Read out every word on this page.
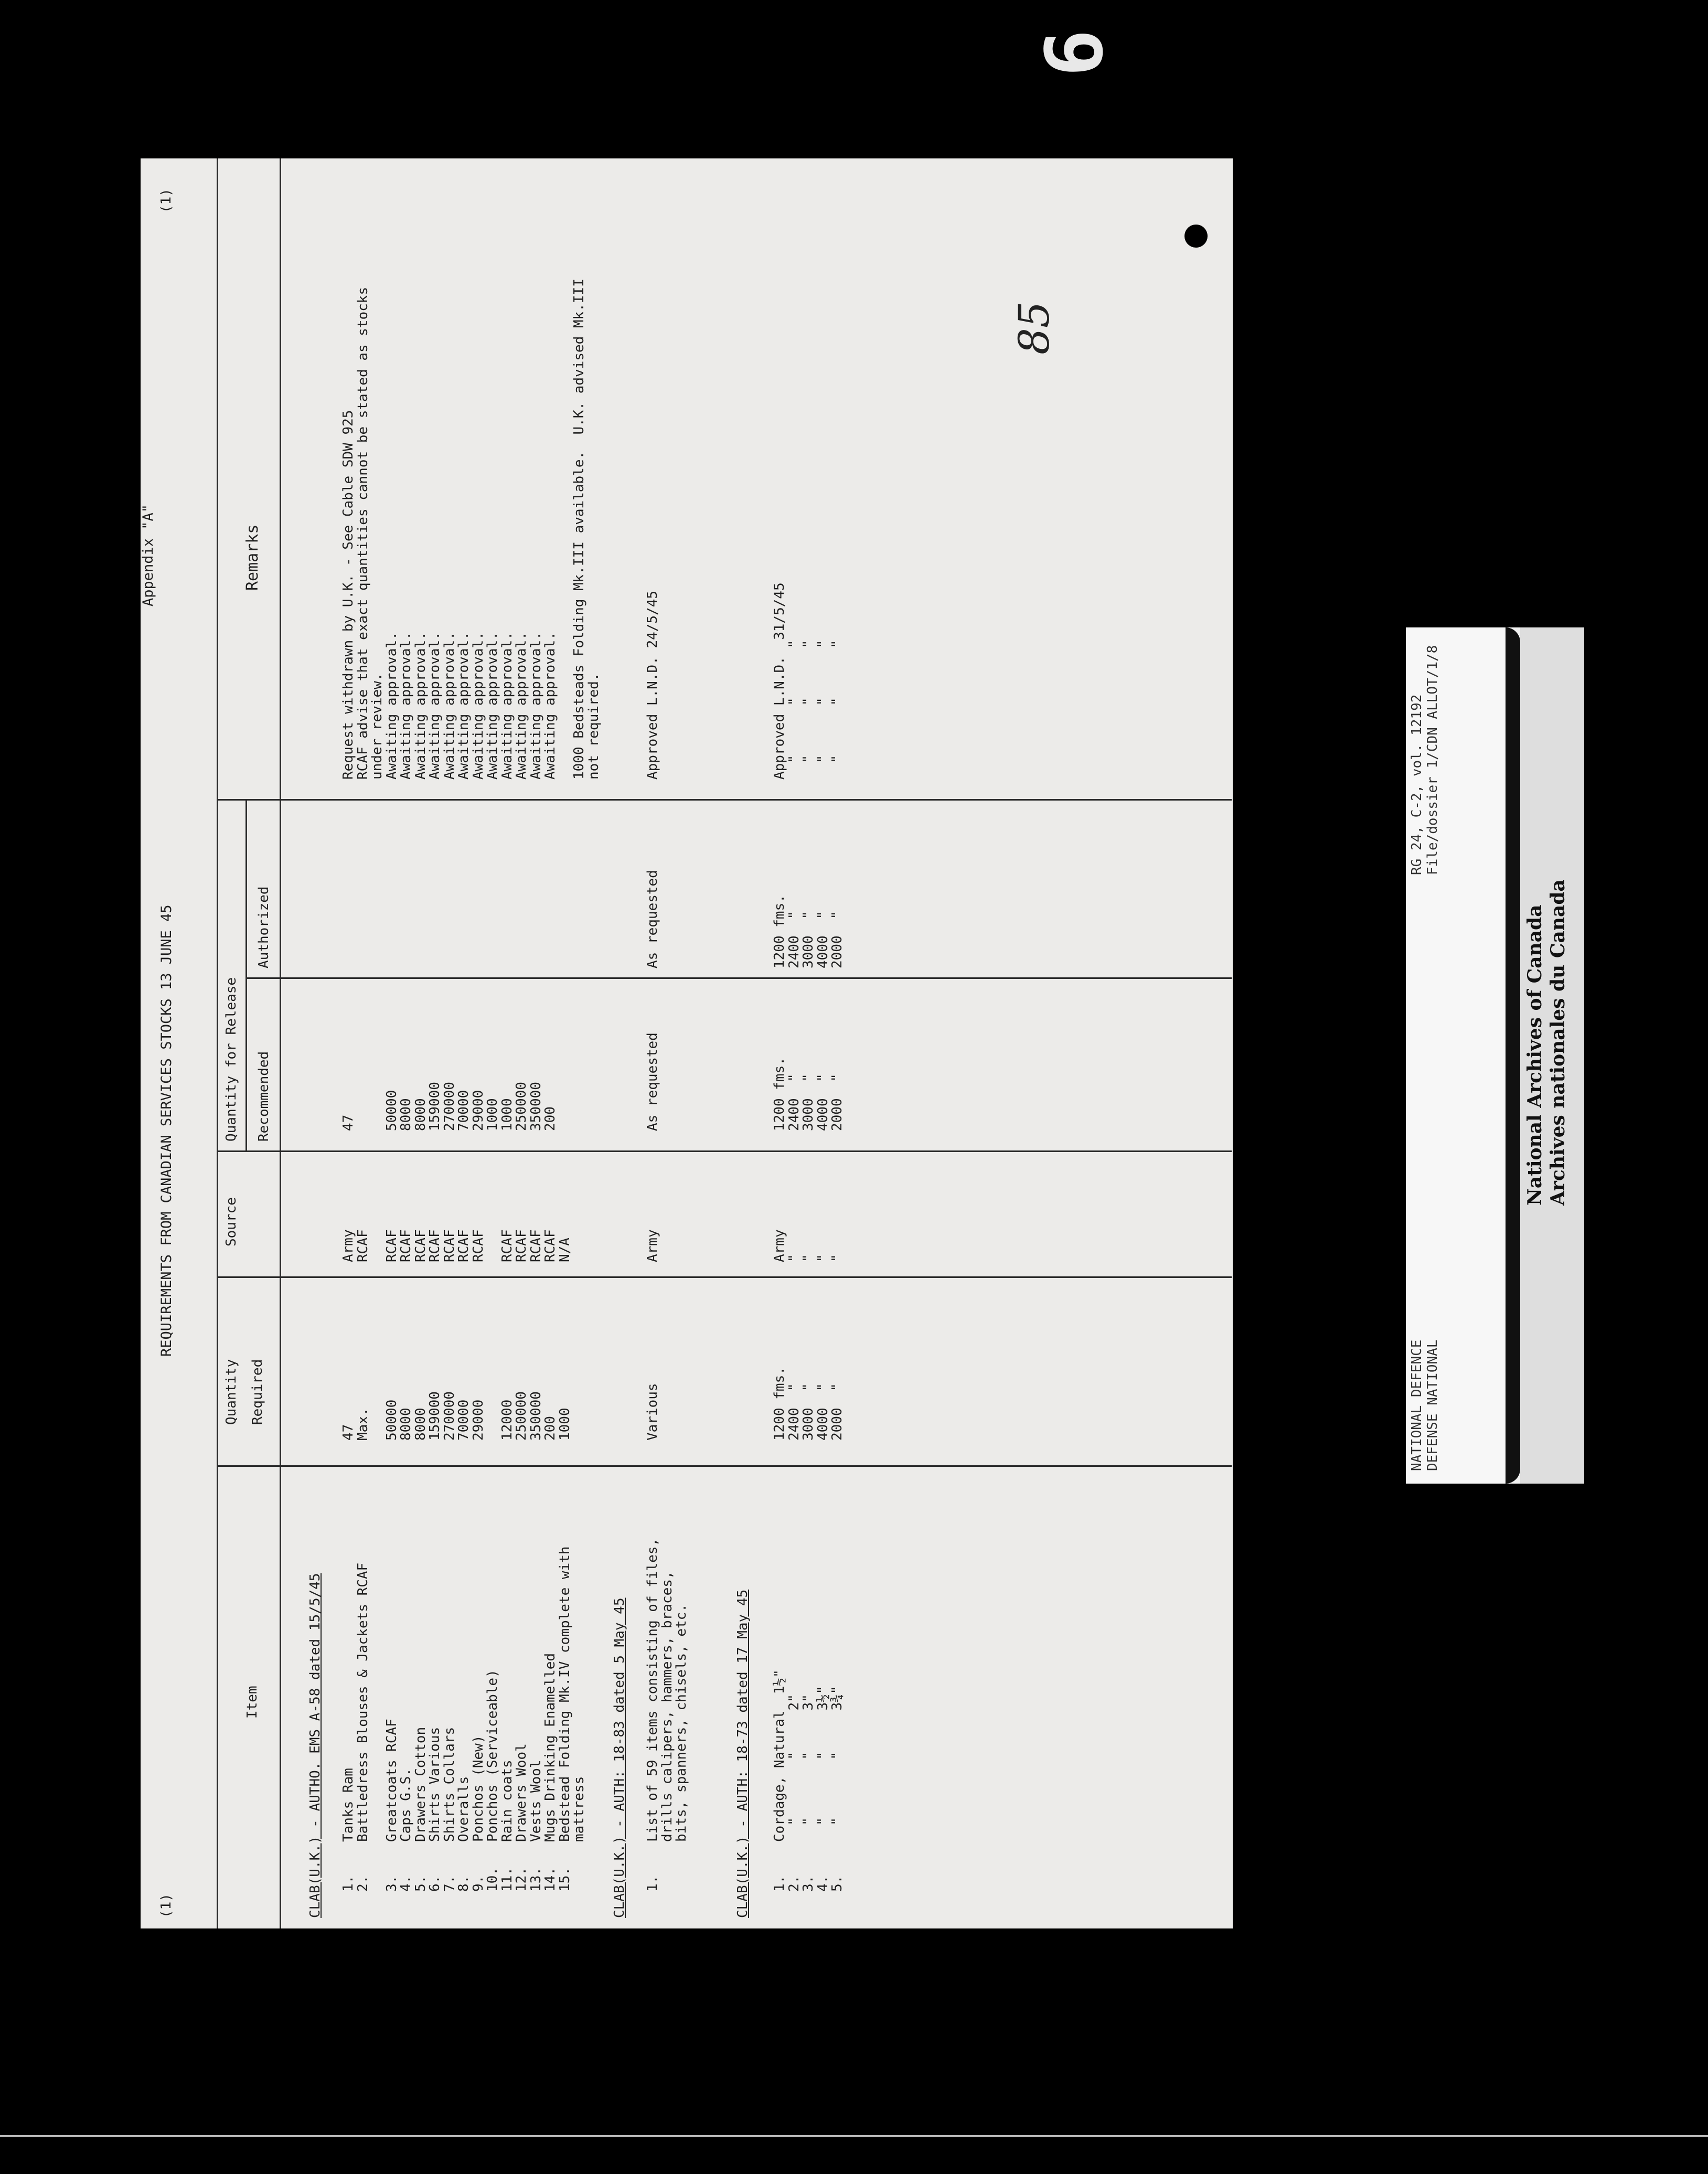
9
(1)
(1)
REQUIREMENTS FROM CANADIAN SERVICES STOCKS 13 JUNE 45
Appendix "A"
85
Item
Quantity Required
Source
Quantity for Release Recommended
Authorized
Remarks
CLAB(U.K.) - AUTHO. EMS A-58 dated 15/5/45 1.
Tanks Ram
47
Army
47
Request withdrawn by U.K. - See Cable SDW 925
2.
Battledress Blouses & Jackets RCAF
Max.
RCAF
RCAF advise that exact quantities cannot be stated as stocks
under review.
3.
Greatcoats RCAF
50000
RCAF
50000
Awaiting approval.
4.
Caps G.S.
8000
RCAF
8000
Awaiting approval.
5.
Drawers Cotton
8000
RCAF
8000
Awaiting approval.
6.
Shirts Various
159000
RCAF
159000
Awaiting approval.
7.
Shirts Collars
270000
RCAF
270000
Awaiting approval.
8.
Overalls
70000
RCAF
70000
Awaiting approval.
9.
Ponchos (New)
29000
RCAF
29000
Awaiting approval.
10.
Ponchos (Serviceable)
1000
Awaiting approval.
11.
Rain coats
12000
RCAF
1000
Awaiting approval.
12.
Drawers Wool
250000
RCAF
250000
Awaiting approval.
13.
Vests Wool
350000
RCAF
350000
Awaiting approval.
14.
Mugs Drinking Enamelled
200
RCAF
200
Awaiting approval.
15.
Bedstead Folding Mk.IV complete with
1000
N/A
mattress
1000 Bedsteads Folding Mk.III available.  U.K. advised Mk.III
not required.
CLAB(U.K.) - AUTH: 18-83 dated 5 May 45 1.
List of 59 items consisting of files,
Various
Army
As requested
As requested
Approved L.N.D. 24/5/45
drills calipers, hammers, braces,
bits, spanners, chisels, etc.	CLAB(U.K.) - AUTH: 18-73 dated 17 May 45 1.
Cordage, Natural  1½"
1200 fms.
Army
1200 fms.
1200 fms.
Approved L.N.D.  31/5/45
2.
"       "     2"
2400  "
"
2400  "
2400  "
"      "      "
3.
"       "     3"
3000  "
"
3000  "
3000  "
"      "      "
4.
"       "     3½"
4000  "
"
4000  "
4000  "
"      "      "
5.
"       "     3¾"
2000  "
"
2000  "
2000  "
"      "      "
NATIONAL DEFENCE DEFENSE NATIONAL
RG 24, C-2, vol. 12192 File/dossier 1/CDN ALLOT/1/8
National Archives of Canada Archives nationales du Canada
